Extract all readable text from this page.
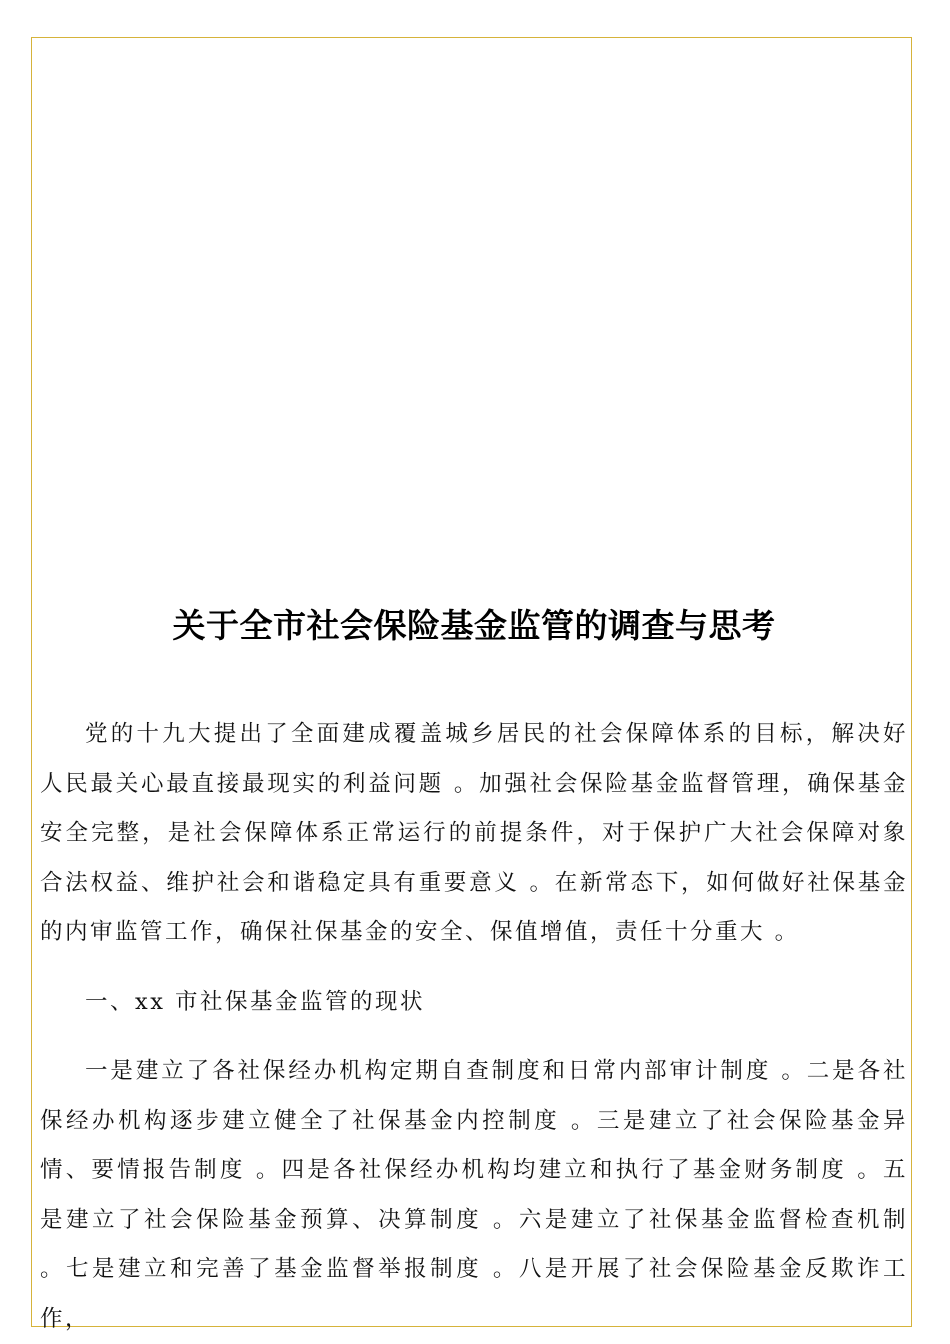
关于全市社会保险基金监管的调查与思考

党的十九大提出了全面建成覆盖城乡居民的社会保障体系的目标，解决好人民最关心最直接最现实的利益问题 。加强社会保险基金监督管理，确保基金安全完整，是社会保障体系正常运行的前提条件，对于保护广大社会保障对象合法权益、维护社会和谐稳定具有重要意义 。在新常态下，如何做好社保基金的内审监管工作，确保社保基金的安全、保值增值，责任十分重大 。

一、xx 市社保基金监管的现状

一是建立了各社保经办机构定期自查制度和日常内部审计制度 。二是各社保经办机构逐步建立健全了社保基金内控制度 。三是建立了社会保险基金异情、要情报告制度 。四是各社保经办机构均建立和执行了基金财务制度 。五是建立了社会保险基金预算、决算制度 。六是建立了社保基金监督检查机制 。七是建立和完善了基金监督举报制度 。八是开展了社会保险基金反欺诈工作，
